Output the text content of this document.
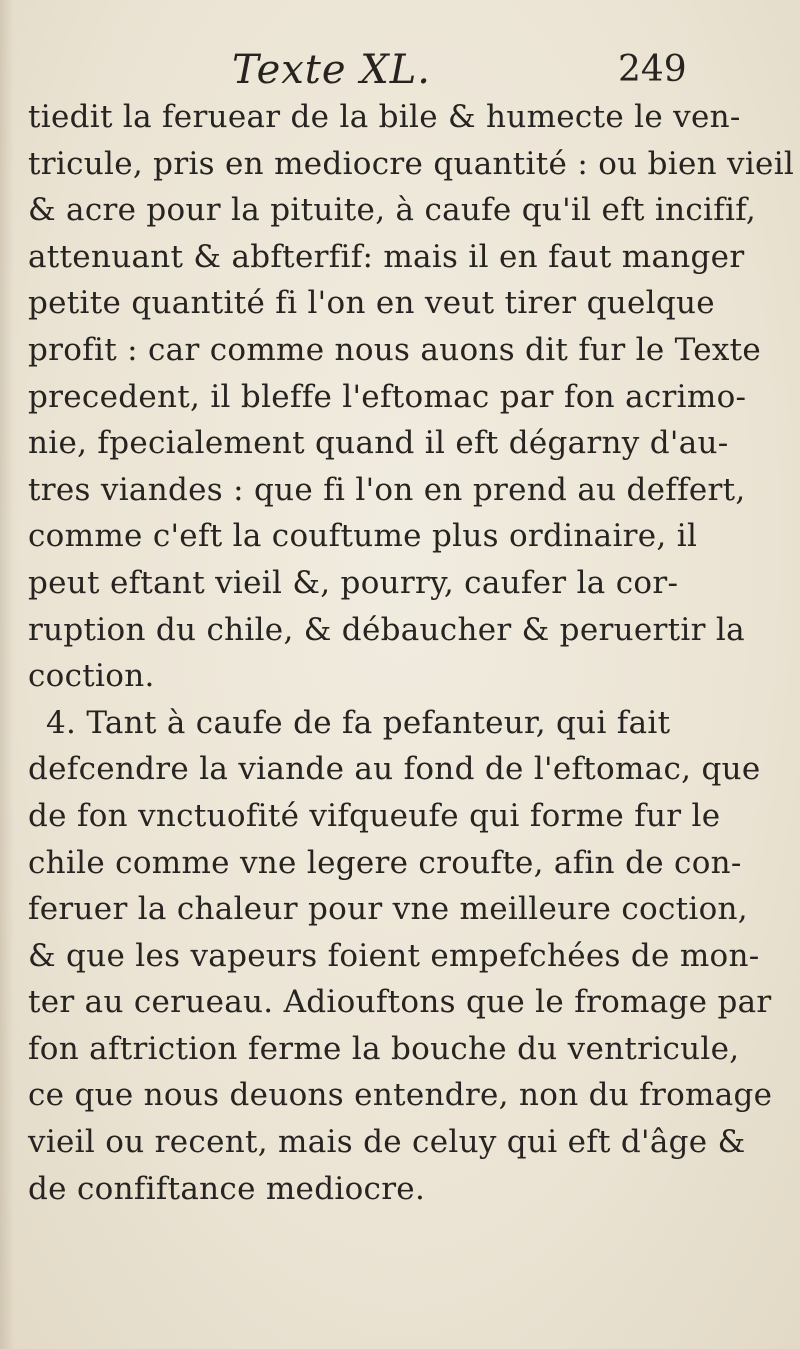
Texte XL.	249
tiedit la feruear de la bile & humecte le ven-
tricule, pris en mediocre quantité : ou bien vieil
& acre pour la pituite, à caufe qu'il eft incifif,
attenuant & abfterfif: mais il en faut manger
petite quantité fi l'on en veut tirer quelque
profit : car comme nous auons dit fur le Texte
precedent, il bleffe l'eftomac par fon acrimo-
nie, fpecialement quand il eft dégarny d'au-
tres viandes : que fi l'on en prend au deffert,
comme c'eft la couftume plus ordinaire, il
peut eftant vieil &, pourry, caufer la cor-
ruption du chile, & débaucher & peruertir la
coction.
4. Tant à caufe de fa pefanteur, qui fait
defcendre la viande au fond de l'eftomac, que
de fon vnctuofité vifqueufe qui forme fur le
chile comme vne legere croufte, afin de con-
feruer la chaleur pour vne meilleure coction,
& que les vapeurs foient empefchées de mon-
ter au cerueau. Adiouftons que le fromage par
fon aftriction ferme la bouche du ventricule,
ce que nous deuons entendre, non du fromage
vieil ou recent, mais de celuy qui eft d'âge &
de confiftance mediocre.
